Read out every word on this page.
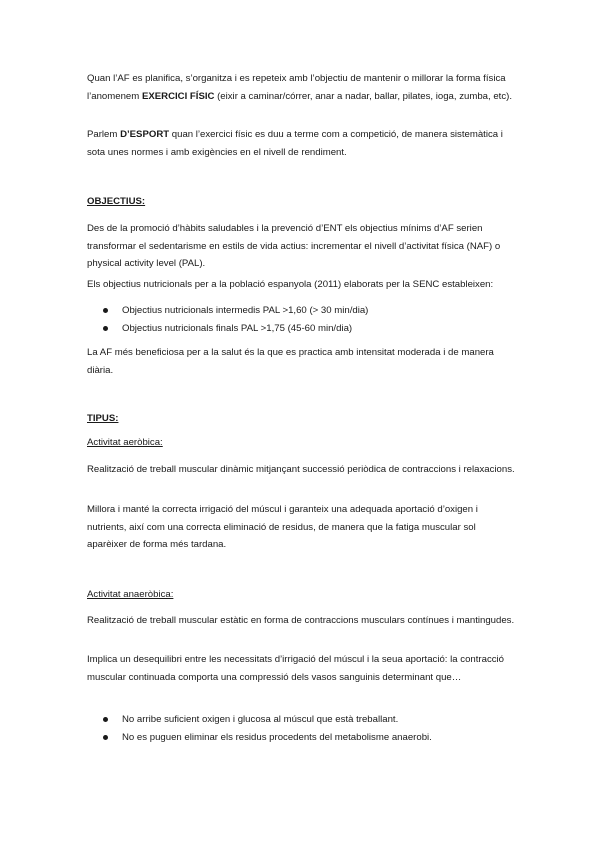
Quan l’AF es planifica, s’organitza i es repeteix amb l’objectiu de mantenir o millorar la forma física l’anomenem EXERCICI FÍSIC (eixir a caminar/córrer, anar a nadar, ballar, pilates, ioga, zumba, etc).

Parlem D’ESPORT quan l’exercici físic es duu a terme com a competició, de manera sistemàtica i sota unes normes i amb exigències en el nivell de rendiment.

OBJECTIUS:

Des de la promoció d’hàbits saludables i la prevenció d’ENT els objectius mínims d’AF serien transformar el sedentarisme en estils de vida actius: incrementar el nivell d’activitat física (NAF) o physical activity level (PAL).

Els objectius nutricionals per a la població espanyola (2011) elaborats per la SENC estableixen:

Objectius nutricionals intermedis PAL >1,60 (> 30 min/dia)
Objectius nutricionals finals PAL >1,75 (45-60 min/dia)

La AF més beneficiosa per a la salut és la que es practica amb intensitat moderada i de manera diària.

TIPUS:

Activitat aeròbica:

Realització de treball muscular dinàmic mitjançant successió periòdica de contraccions i relaxacions.

Millora i manté la correcta irrigació del múscul i garanteix una adequada aportació d’oxigen i nutrients, així com una correcta eliminació de residus, de manera que la fatiga muscular sol aparèixer de forma més tardana.

Activitat anaeròbica:

Realització de treball muscular estàtic en forma de contraccions musculars contínues i mantingudes.

Implica un desequilibri entre les necessitats d’irrigació del múscul i la seua aportació: la contracció muscular continuada comporta una compressió dels vasos sanguinis determinant que…

No arribe suficient oxigen i glucosa al múscul que està treballant.
No es puguen eliminar els residus procedents del metabolisme anaerobi.
